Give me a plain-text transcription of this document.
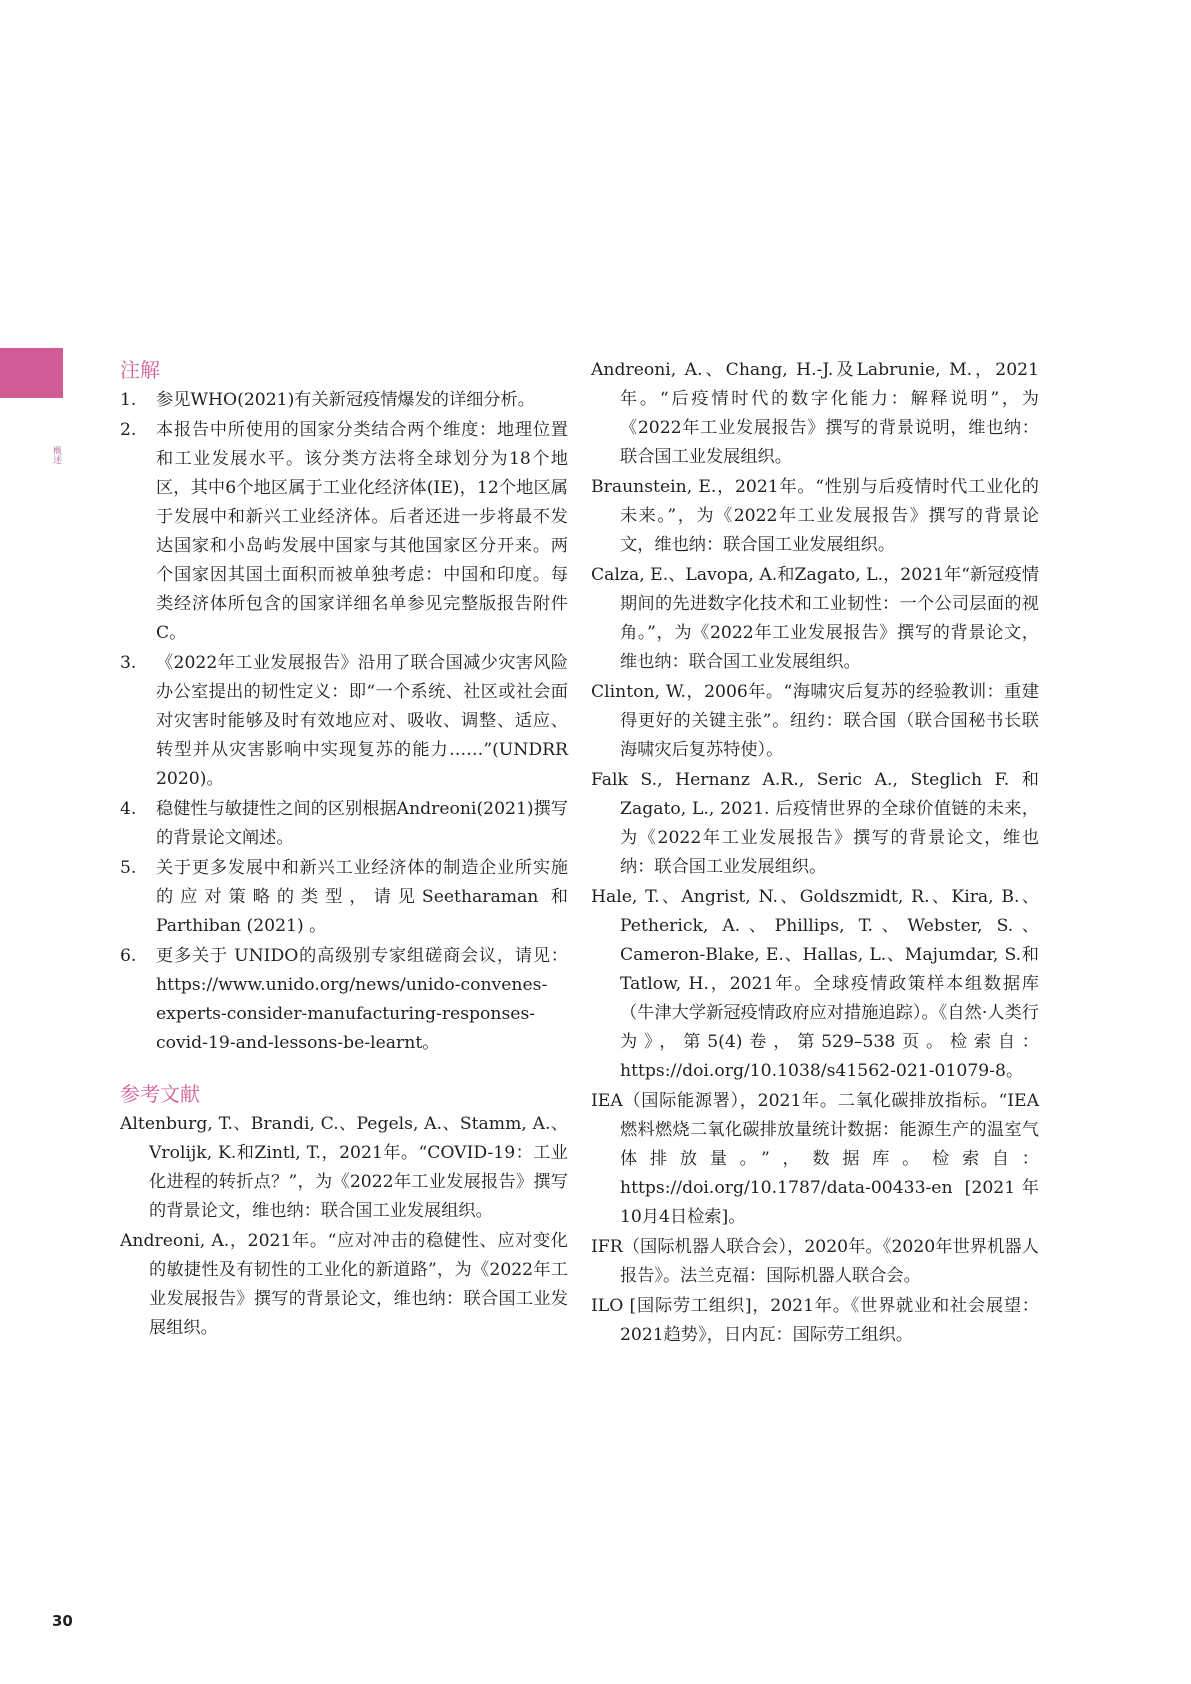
概述
注解
1.	参见WHO(2021)有关新冠疫情爆发的详细分析。
2.	本报告中所使用的国家分类结合两个维度：地理位置和工业发展水平。该分类方法将全球划分为18个地区，其中6个地区属于工业化经济体(IE)，12个地区属于发展中和新兴工业经济体。后者还进一步将最不发达国家和小岛屿发展中国家与其他国家区分开来。两个国家因其国土面积而被单独考虑：中国和印度。每类经济体所包含的国家详细名单参见完整版报告附件C。
3.	《2022年工业发展报告》沿用了联合国减少灾害风险办公室提出的韧性定义：即“一个系统、社区或社会面对灾害时能够及时有效地应对、吸收、调整、适应、转型并从灾害影响中实现复苏的能力……”(UNDRR 2020)。
4.	稳健性与敏捷性之间的区别根据Andreoni(2021)撰写的背景论文阐述。
5.	关于更多发展中和新兴工业经济体的制造企业所实施的应对策略的类型，请见Seetharaman 和 Parthiban (2021) 。
6.	更多关于 UNIDO的高级别专家组磋商会议，请见：https://www.unido.org/news/unido-convenes-experts-consider-manufacturing-responses-covid-19-and-lessons-be-learnt。
参考文献
Altenburg, T.、Brandi, C.、Pegels, A.、Stamm, A.、Vrolijk, K.和Zintl, T.，2021年。“COVID-19：工业化进程的转折点？”，为《2022年工业发展报告》撰写的背景论文，维也纳：联合国工业发展组织。
Andreoni, A.，2021年。“应对冲击的稳健性、应对变化的敏捷性及有韧性的工业化的新道路”，为《2022年工业发展报告》撰写的背景论文，维也纳：联合国工业发展组织。
Andreoni, A.、Chang, H.-J.及Labrunie, M.，2021年。“后疫情时代的数字化能力：解释说明”，为《2022年工业发展报告》撰写的背景说明，维也纳：联合国工业发展组织。
Braunstein, E.，2021年。“性别与后疫情时代工业化的未来。”，为《2022年工业发展报告》撰写的背景论文，维也纳：联合国工业发展组织。
Calza, E.、Lavopa, A.和Zagato, L.，2021年“新冠疫情期间的先进数字化技术和工业韧性：一个公司层面的视角。”，为《2022年工业发展报告》撰写的背景论文，维也纳：联合国工业发展组织。
Clinton, W.，2006年。“海啸灾后复苏的经验教训：重建得更好的关键主张”。纽约：联合国（联合国秘书长联海啸灾后复苏特使）。
Falk S., Hernanz A.R., Seric A., Steglich F. 和 Zagato, L., 2021. 后疫情世界的全球价值链的未来，为《2022年工业发展报告》撰写的背景论文，维也纳：联合国工业发展组织。
Hale, T.、Angrist, N.、Goldszmidt, R.、Kira, B.、Petherick, A.、Phillips, T.、Webster, S.、Cameron-Blake, E.、Hallas, L.、Majumdar, S.和Tatlow, H.，2021年。全球疫情政策样本组数据库（牛津大学新冠疫情政府应对措施追踪）。《自然·人类行为》，第5(4)卷，第529–538页。检索自：https://doi.org/10.1038/s41562-021-01079-8。
IEA（国际能源署），2021年。二氧化碳排放指标。“IEA燃料燃烧二氧化碳排放量统计数据：能源生产的温室气体排放量。”，数据库。检索自：https://doi.org/10.1787/data-00433-en [2021年10月4日检索]。
IFR（国际机器人联合会），2020年。《2020年世界机器人报告》。法兰克福：国际机器人联合会。
ILO [国际劳工组织]，2021年。《世界就业和社会展望：2021趋势》，日内瓦：国际劳工组织。
30
